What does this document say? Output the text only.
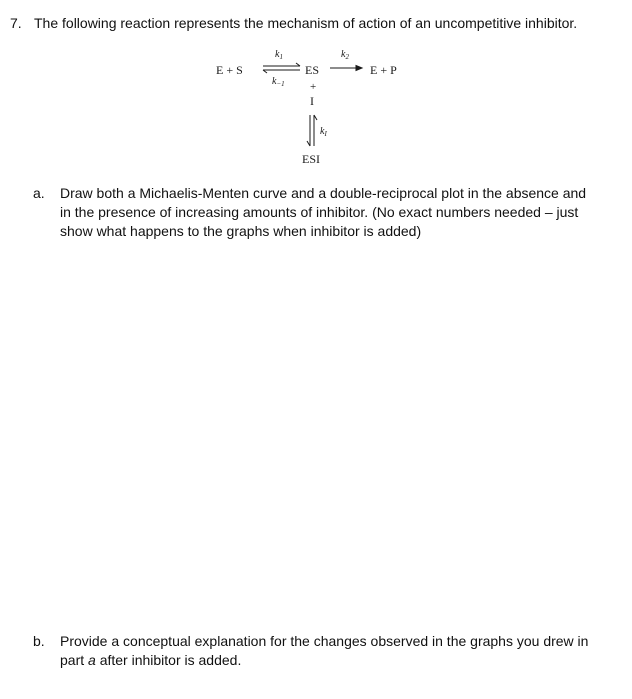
7. The following reaction represents the mechanism of action of an uncompetitive inhibitor.
E + S
$k_1$
$k_{-1}$
ES
$k_2$
E + P
+
I
$k_I$
ESI
a. Draw both a Michaelis-Menten curve and a double-reciprocal plot in the absence and in the presence of increasing amounts of inhibitor. (No exact numbers needed – just show what happens to the graphs when inhibitor is added)
b. Provide a conceptual explanation for the changes observed in the graphs you drew in part a after inhibitor is added.
